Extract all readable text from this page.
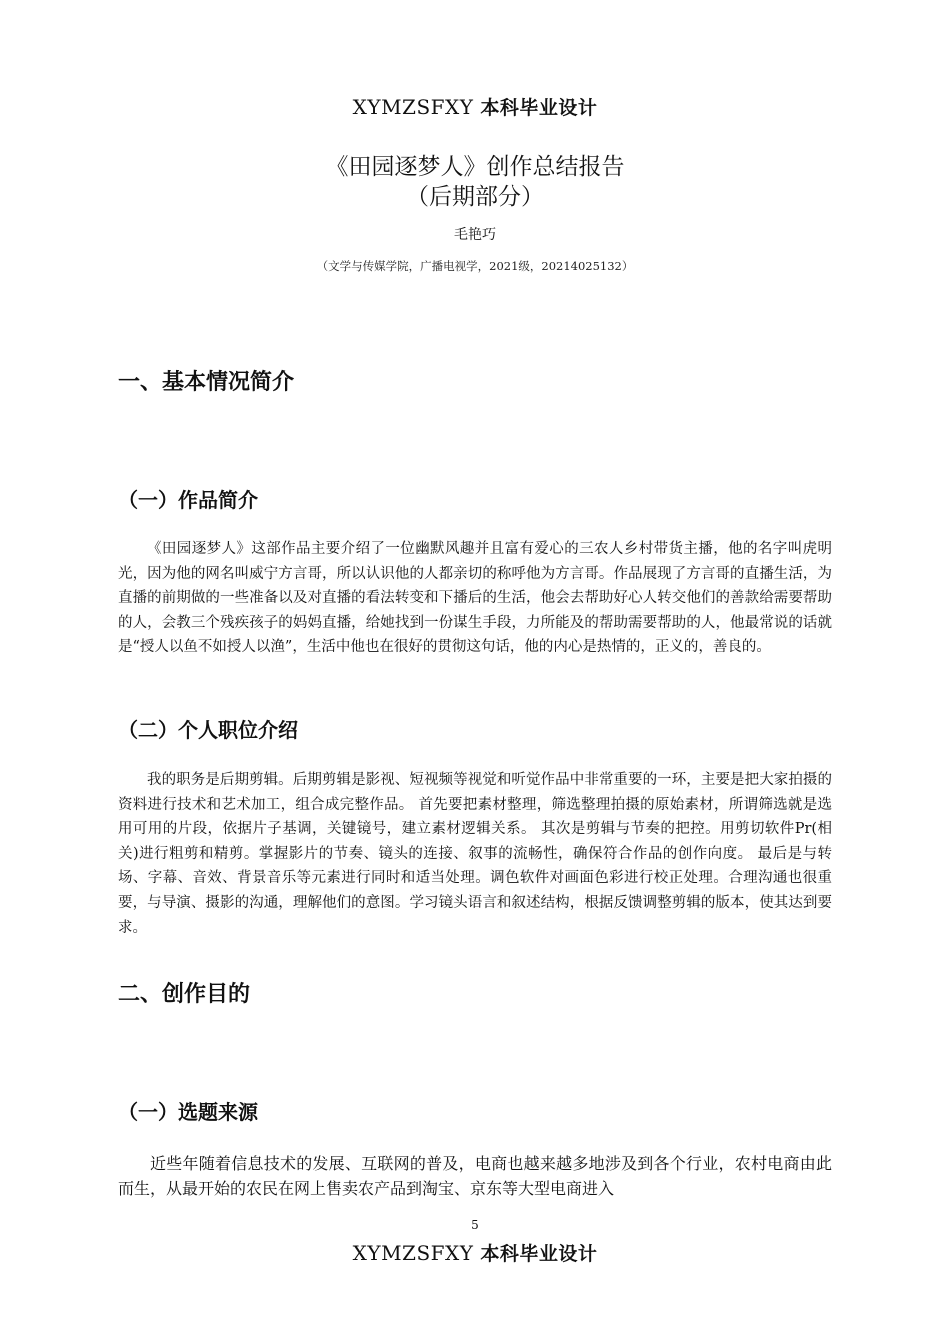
XYMZSFXY 本科毕业设计
《田园逐梦人》创作总结报告
（后期部分）
毛艳巧
（文学与传媒学院，广播电视学，2021级，20214025132）
一、基本情况简介
（一）作品简介
《田园逐梦人》这部作品主要介绍了一位幽默风趣并且富有爱心的三农人乡村带货主播，他的名字叫虎明光，因为他的网名叫威宁方言哥，所以认识他的人都亲切的称呼他为方言哥。作品展现了方言哥的直播生活，为直播的前期做的一些准备以及对直播的看法转变和下播后的生活，他会去帮助好心人转交他们的善款给需要帮助的人，会教三个残疾孩子的妈妈直播，给她找到一份谋生手段，力所能及的帮助需要帮助的人，他最常说的话就是“授人以鱼不如授人以渔”，生活中他也在很好的贯彻这句话，他的内心是热情的，正义的，善良的。
（二）个人职位介绍
我的职务是后期剪辑。后期剪辑是影视、短视频等视觉和听觉作品中非常重要的一环，主要是把大家拍摄的资料进行技术和艺术加工，组合成完整作品。 首先要把素材整理，筛选整理拍摄的原始素材，所谓筛选就是选用可用的片段，依据片子基调，关键镜号，建立素材逻辑关系。 其次是剪辑与节奏的把控。用剪切软件Pr(相关)进行粗剪和精剪。掌握影片的节奏、镜头的连接、叙事的流畅性，确保符合作品的创作向度。 最后是与转场、字幕、音效、背景音乐等元素进行同时和适当处理。调色软件对画面色彩进行校正处理。合理沟通也很重要，与导演、摄影的沟通，理解他们的意图。学习镜头语言和叙述结构，根据反馈调整剪辑的版本，使其达到要求。
二、创作目的
（一）选题来源
近些年随着信息技术的发展、互联网的普及，电商也越来越多地涉及到各个行业，农村电商由此而生，从最开始的农民在网上售卖农产品到淘宝、京东等大型电商进入
5
XYMZSFXY 本科毕业设计
